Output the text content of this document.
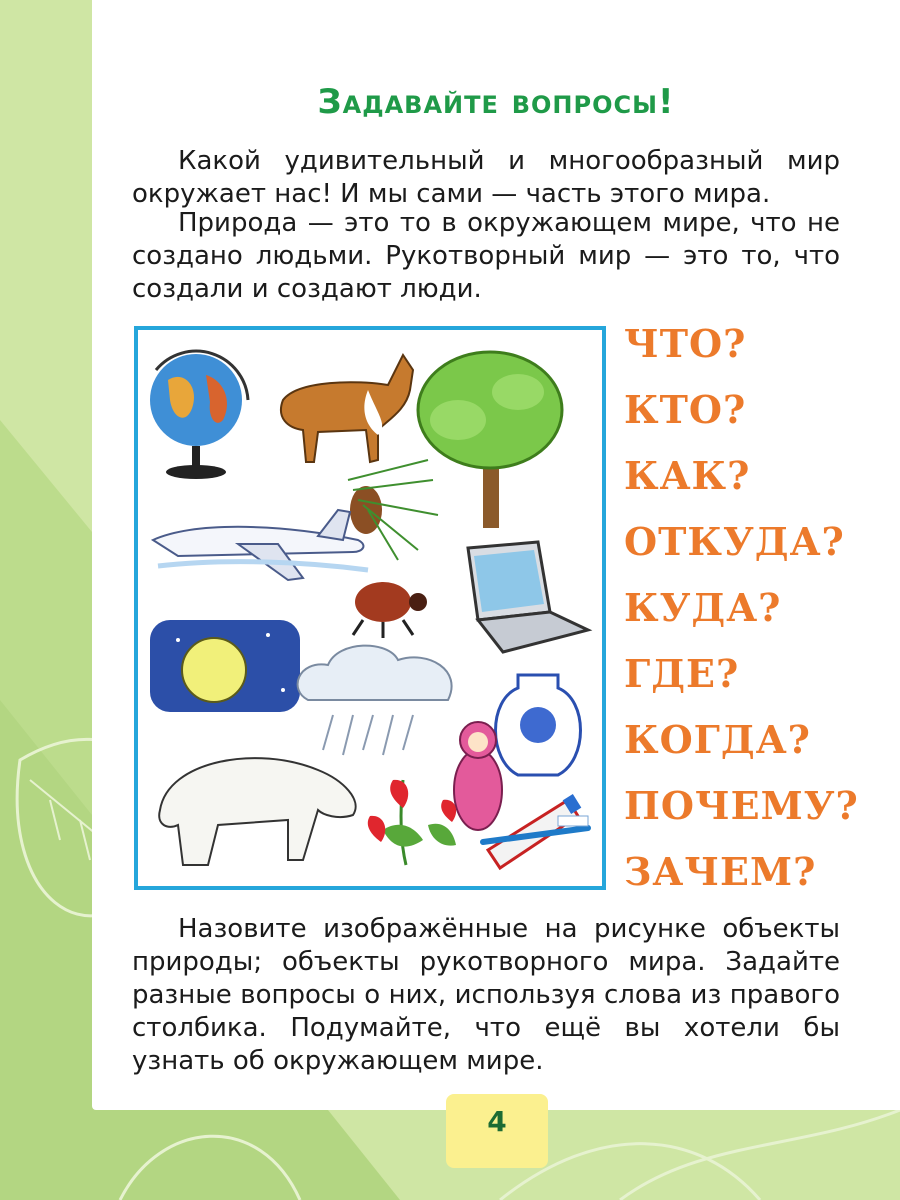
Задавайте вопросы!

Какой удивительный и многообразный мир окружает нас! И мы сами — часть этого мира.

Природа — это то в окружающем мире, что не создано людьми. Рукотворный мир — это то, что создали и создают люди.

Назовите изображённые на рисунке объекты природы; объекты рукотворного мира. Задайте разные вопросы о них, используя слова из правого столбика. Подумайте, что ещё вы хотели бы узнать об окружающем мире.

ЧТО?
КТО?
КАК?
ОТКУДА?
КУДА?
ГДЕ?
КОГДА?
ПОЧЕМУ?
ЗАЧЕМ?
4
